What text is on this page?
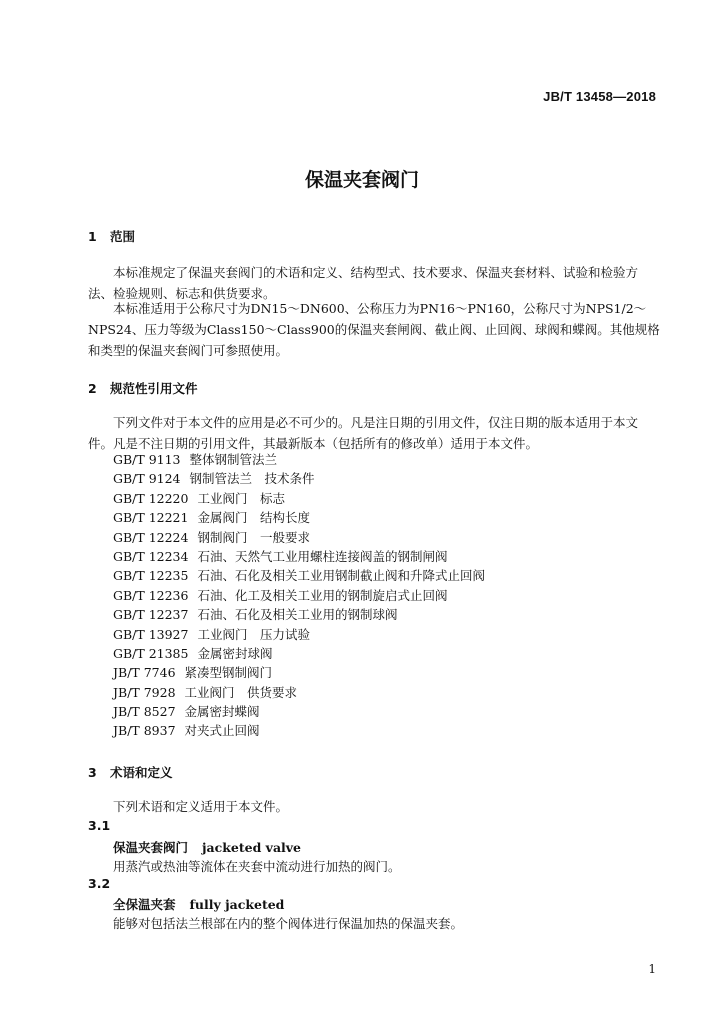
JB/T 13458—2018
保温夹套阀门
1 范围
本标准规定了保温夹套阀门的术语和定义、结构型式、技术要求、保温夹套材料、试验和检验方法、检验规则、标志和供货要求。
本标准适用于公称尺寸为DN15～DN600、公称压力为PN16～PN160，公称尺寸为NPS1/2～NPS24、压力等级为Class150～Class900的保温夹套闸阀、截止阀、止回阀、球阀和蝶阀。其他规格和类型的保温夹套阀门可参照使用。
2 规范性引用文件
下列文件对于本文件的应用是必不可少的。凡是注日期的引用文件，仅注日期的版本适用于本文件。凡是不注日期的引用文件，其最新版本（包括所有的修改单）适用于本文件。
GB/T 9113 整体钢制管法兰
GB/T 9124 钢制管法兰　技术条件
GB/T 12220 工业阀门　标志
GB/T 12221 金属阀门　结构长度
GB/T 12224 钢制阀门　一般要求
GB/T 12234 石油、天然气工业用螺柱连接阀盖的钢制闸阀
GB/T 12235 石油、石化及相关工业用钢制截止阀和升降式止回阀
GB/T 12236 石油、化工及相关工业用的钢制旋启式止回阀
GB/T 12237 石油、石化及相关工业用的钢制球阀
GB/T 13927 工业阀门　压力试验
GB/T 21385 金属密封球阀
JB/T 7746 紧凑型钢制阀门
JB/T 7928 工业阀门　供货要求
JB/T 8527 金属密封蝶阀
JB/T 8937 对夹式止回阀
3 术语和定义
下列术语和定义适用于本文件。
3.1
保温夹套阀门 jacketed valve
用蒸汽或热油等流体在夹套中流动进行加热的阀门。
3.2
全保温夹套 fully jacketed
能够对包括法兰根部在内的整个阀体进行保温加热的保温夹套。
1
